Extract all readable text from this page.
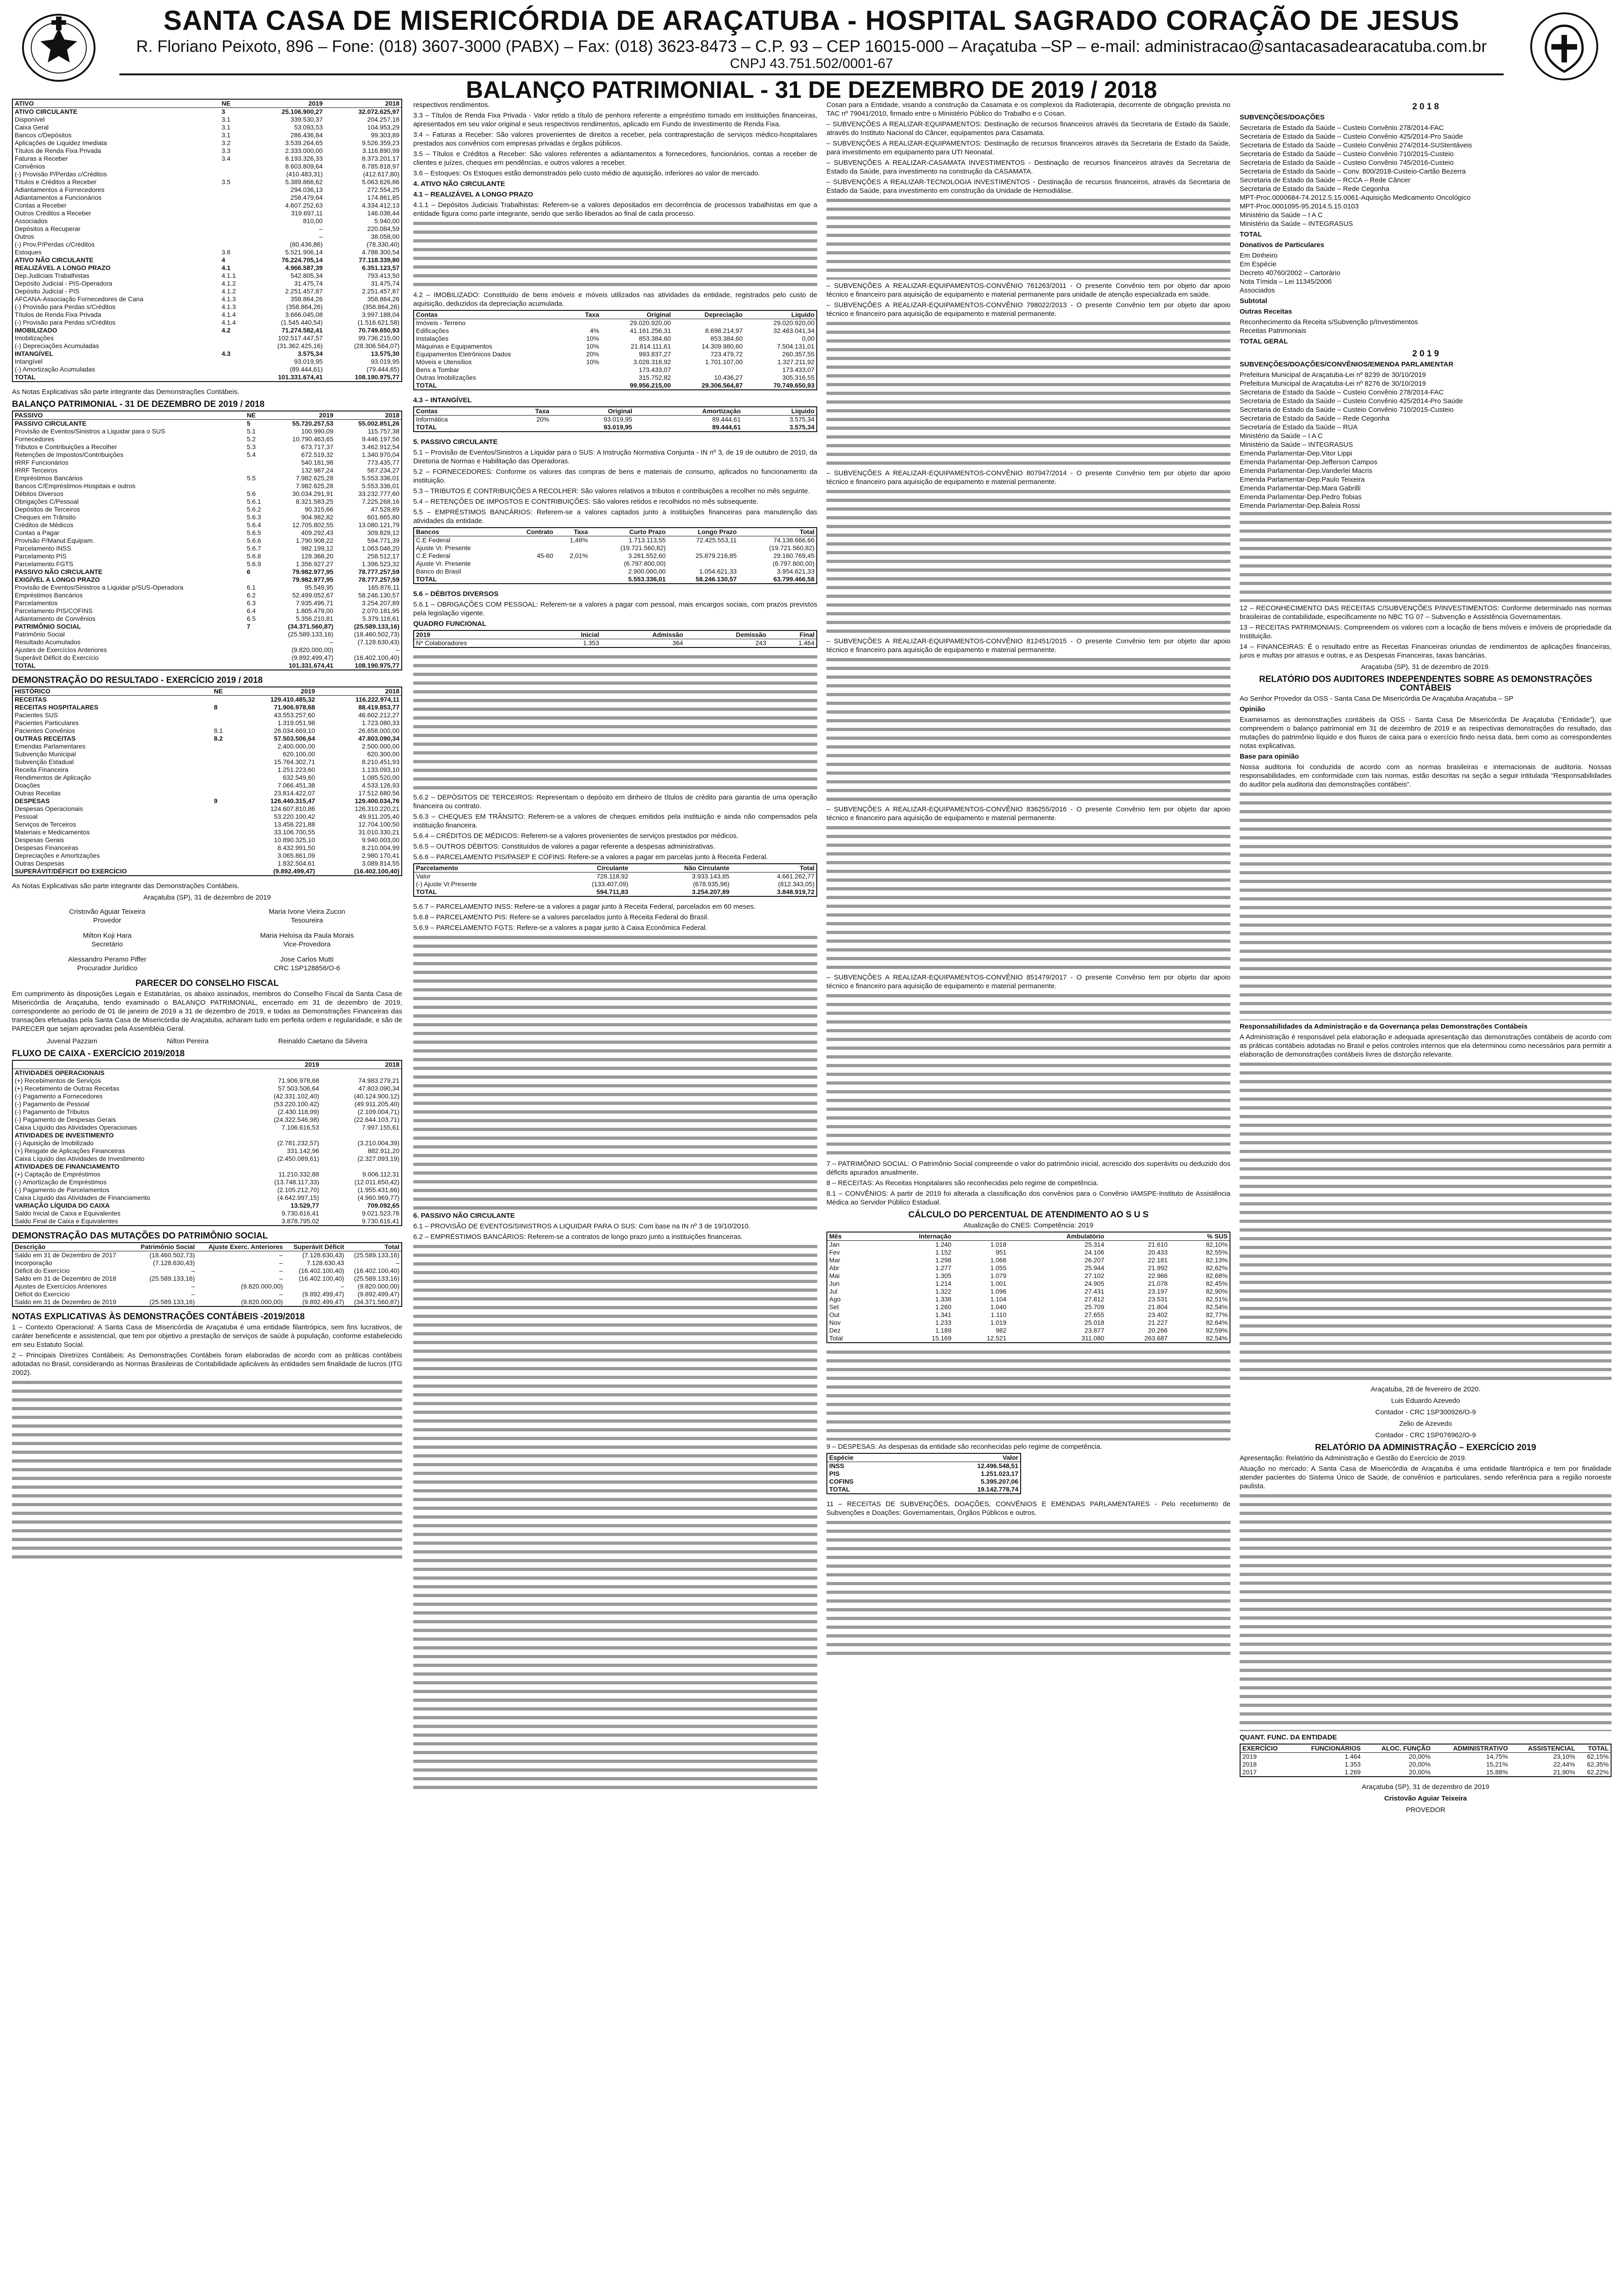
SANTA CASA DE MISERICÓRDIA DE ARAÇATUBA - HOSPITAL SAGRADO CORAÇÃO DE JESUS
R. Floriano Peixoto, 896 – Fone: (018) 3607-3000 (PABX) – Fax: (018) 3623-8473 – C.P. 93 – CEP 16015-000 – Araçatuba –SP – e-mail: administracao@santacasadearacatuba.com.br
CNPJ 43.751.502/0001-67
BALANÇO PATRIMONIAL - 31 DE DEZEMBRO DE 2019 / 2018
ATIVO	NE	2019	2018
ATIVO CIRCULANTE	3	25.106.900,27	32.072.625,97
Disponível	3.1	339.530,37	204.257,18
Caixa Geral	3.1	53.093,53	104.953,29
Bancos c/Depósitos	3.1	286.436,84	99.303,89
Aplicações de Liquidez Imediata	3.2	3.539.264,65	9.526.359,23
Títulos de Renda Fixa Privada	3.3	2.333.000,00	3.116.890,99
Faturas a Receber	3.4	8.193.326,33	8.373.201,17
Convênios		8.603.809,64	8.785.818,97
(-) Provisão P/Perdas c/Créditos		(410.483,31)	(412.617,80)
Títulos e Créditos a Receber	3.5	5.389.866,62	5.063.626,86
Adiantamentos a Fornecedores		294.036,13	272.554,25
Adiantamentos a Funcionários		258.479,64	174.861,85
Contas a Receber		4.607.252,63	4.334.412,13
Outros Créditos a Receber		319.697,11	146.036,44
Associados		810,00	5.940,00
Depósitos a Recuperar		–	220.084,59
Outros		–	38.058,00
(-) Prov.P/Perdas c/Créditos		(80.436,86)	(78.330,40)
Estoques	3.6	5.521.906,14	4.788.300,54
ATIVO NÃO CIRCULANTE	4	76.224.705,14	77.118.339,80
REALIZÁVEL A LONGO PRAZO	4.1	4.966.587,39	6.351.123,57
Dep.Judiciais Trabalhistas	4.1.1	542.805,34	793.413,50
Depósito Judicial - PIS-Operadora	4.1.2	31.475,74	31.475,74
Depósito Judicial - PIS	4.1.2	2.251.457,87	2.251.457,87
AFCANA-Associação Fornecedores de Cana	4.1.3	358.864,26	358.864,26
(-) Provisão para Perdas s/Créditos	4.1.3	(358.864,26)	(358.864,26)
Títulos de Renda Fixa Privada	4.1.4	3.666.045,08	3.997.188,04
(-) Provisão para Perdas s/Créditos	4.1.4	(1.545.440,54)	(1.516.621,58)
IMOBILIZADO	4.2	71.274.582,41	70.749.650,93
Imobilizações		102.517.447,57	99.736.215,00
(-) Depreciações Acumuladas		(31.362.425,16)	(28.306.564,07)
INTANGÍVEL	4.3	3.575,34	13.575,30
Intangível		93.019,95	93.019,95
(-) Amortização Acumuladas		(89.444,61)	(79.444,65)
TOTAL		101.331.674,41	108.190.975,77
As Notas Explicativas são parte integrante das Demonstrações Contábeis.
BALANÇO PATRIMONIAL - 31 DE DEZEMBRO DE 2019 / 2018
PASSIVO	NE	2019	2018
PASSIVO CIRCULANTE	5	55.720.257,53	55.002.851,26
Provisão de Eventos/Sinistros a Liquidar para o SUS	5.1	100.990,09	115.757,38
Fornecedores	5.2	10.790.463,65	9.446.197,56
Tributos e Contribuições a Recolher	5.3	673.717,37	3.462.912,54
Retenções de Impostos/Contribuições	5.4	672.519,32	1.340.970,04
IRRF Funcionários		540.181,98	773.435,77
IRRF Terceiros		132.987,24	567.234,27
Empréstimos Bancários	5.5	7.982.625,28	5.553.336,01
Bancos C/Empréstimos-Hospitais e outros		7.982.625,28	5.553.336,01
Débitos Diversos	5.6	30.034.291,91	33.232.777,60
Obrigações C/Pessoal	5.6.1	8.321.583,25	7.225.268,16
Depósitos de Terceiros	5.6.2	90.315,66	47.528,89
Cheques em Trânsito	5.6.3	904.982,82	601.665,80
Créditos de Médicos	5.6.4	12.705.802,55	13.080.121,79
Contas a Pagar	5.6.5	409.292,43	309.829,12
Provisão P/Manut.Equipam.	5.6.6	1.790.908,22	594.771,39
Parcelamento INSS	5.6.7	982.199,12	1.063.046,20
Parcelamento PIS	5.6.8	128.368,20	258.512,17
Parcelamento FGTS	5.6.9	1.356.927,27	1.396.523,32
PASSIVO NÃO CIRCULANTE	6	79.982.977,95	78.777.257,59
EXIGÍVEL A LONGO PRAZO		79.982.977,95	78.777.257,59
Provisão de Eventos/Sinistros a Liquidar p/SUS-Operadora	6.1	95.549,95	165.876,11
Empréstimos Bancários	6.2	52.499.052,67	58.246.130,57
Parcelamentos	6.3	7.935.496,71	3.254.207,89
Parcelamento PIS/COFINS	6.4	1.805.479,00	2.070.181,95
Adiantamento de Convênios	6.5	5.356.210,81	5.379.116,61
PATRIMÔNIO SOCIAL	7	(34.371.560,87)	(25.589.133,16)
Patrimônio Social		(25.589.133,16)	(18.460.502,73)
Resultado Acumulados		–	(7.128.630,43)
Ajustes de Exercícios Anteriores		(9.820.000,00)	–
Superávit Déficit do Exercício		(9.892.499,47)	(16.402.100,40)
TOTAL		101.331.674,41	108.190.975,77
DEMONSTRAÇÃO DO RESULTADO - EXERCÍCIO 2019 / 2018
HISTÓRICO	NE	2019	2018
RECEITAS		129.410.485,32	116.222.974,11
RECEITAS HOSPITALARES	8	71.906.978,68	88.419.853,77
Pacientes SUS		43.553.257,60	46.602.212,27
Pacientes Particulares		1.319.051,98	1.723.080,33
Pacientes Convênios	8.1	26.034.669,10	26.658.000,00
OUTRAS RECEITAS	8.2	57.503.506,64	47.803.090,34
Emendas Parlamentares		2.400.000,00	2.500.000,00
Subvenção Municipal		620.100,00	620.300,00
Subvenção Estadual		15.764.302,71	8.210.451,93
Receita Financeira		1.251.223,60	1.133.093,10
Rendimentos de Aplicação		632.549,60	1.085.520,00
Doações		7.066.451,38	4.533.126,93
Outras Receitas		23.814.422,07	17.512.680,56
DESPESAS	9	126.440.315,47	129.400.034,76
Despesas Operacionais		124.607.810,86	126.310.220,21
Pessoal		53.220.100,42	49.911.205,40
Serviços de Terceiros		13.456.221,88	12.704.100,50
Materiais e Medicamentos		33.106.700,55	31.010.330,21
Despesas Gerais		10.890.325,10	9.940.003,00
Despesas Financeiras		8.432.991,50	8.210.004,99
Depreciações e Amortizações		3.065.861,09	2.980.170,41
Outras Despesas		1.832.504,61	3.089.814,55
SUPERÁVIT/DÉFICIT DO EXERCÍCIO		(9.892.499,47)	(16.402.100,40)
As Notas Explicativas são parte integrante das Demonstrações Contábeis.
Araçatuba (SP), 31 de dezembro de 2019
Cristovão Aguiar Teixeira
Provedor
Maria Ivone Vieira Zucon
Tesoureira
Milton Koji Hara
Secretário
Maria Heloisa da Paula Morais
Vice-Provedora
Alessandro Peramo Piffer
Procurador Jurídico
Jose Carlos Mutti
CRC 1SP128856/O-6
PARECER DO CONSELHO FISCAL
Em cumprimento às disposições Legais e Estatutárias, os abaixo assinados, membros do Conselho Fiscal da Santa Casa de Misericórdia de Araçatuba, tendo examinado o BALANÇO PATRIMONIAL, encerrado em 31 de dezembro de 2019, correspondente ao período de 01 de janeiro de 2019 a 31 de dezembro de 2019, e todas as Demonstrações Financeiras das transações efetuadas pela Santa Casa de Misericórdia de Araçatuba, acharam tudo em perfeita ordem e regularidade, e são de PARECER que sejam aprovadas pela Assembléia Geral.
Juvenal Pazzam	Nilton Pereira	Reinaldo Caetano da Silveira
FLUXO DE CAIXA - EXERCÍCIO 2019/2018
	2019	2018
ATIVIDADES OPERACIONAIS		
(+) Recebimentos de Serviços	71.906.978,68	74.983.279,21
(+) Recebimento de Outras Receitas	57.503.506,64	47.803.090,34
(-) Pagamento a Fornecedores	(42.331.102,40)	(40.124.900,12)
(-) Pagamento de Pessoal	(53.220.100,42)	(49.911.205,40)
(-) Pagamento de Tributos	(2.430.118,99)	(2.109.004,71)
(-) Pagamento de Despesas Gerais	(24.322.546,98)	(22.644.103,71)
Caixa Líquido das Atividades Operacionais	7.106.616,53	7.997.155,61
ATIVIDADES DE INVESTIMENTO		
(-) Aquisição de Imobilizado	(2.781.232,57)	(3.210.004,39)
(+) Resgate de Aplicações Financeiras	331.142,96	882.911,20
Caixa Líquido das Atividades de Investimento	(2.450.089,61)	(2.327.093,19)
ATIVIDADES DE FINANCIAMENTO		
(+) Captação de Empréstimos	11.210.332,88	9.006.112,31
(-) Amortização de Empréstimos	(13.748.117,33)	(12.011.650,42)
(-) Pagamento de Parcelamentos	(2.105.212,70)	(1.955.431,66)
Caixa Líquido das Atividades de Financiamento	(4.642.997,15)	(4.960.969,77)
VARIAÇÃO LÍQUIDA DO CAIXA	13.529,77	709.092,65
Saldo Inicial de Caixa e Equivalentes	9.730.616,41	9.021.523,76
Saldo Final de Caixa e Equivalentes	3.878.795,02	9.730.616,41
DEMONSTRAÇÃO DAS MUTAÇÕES DO PATRIMÔNIO SOCIAL
Descrição	Patrimônio Social	Ajuste Exerc. Anteriores	Superávit Déficit	Total
Saldo em 31 de Dezembro de 2017	(18.460.502,73)	–	(7.128.630,43)	(25.589.133,16)
Incorporação	(7.128.630,43)	–	7.128.630,43	–
Déficit do Exercício	–	–	(16.402.100,40)	(16.402.100,40)
Saldo em 31 de Dezembro de 2018	(25.589.133,16)	–	(16.402.100,40)	(25.589.133,16)
Ajustes de Exercícios Anteriores	–	(9.820.000,00)	–	(9.820.000,00)
Déficit do Exercício	–	–	(9.892.499,47)	(9.892.499,47)
Saldo em 31 de Dezembro de 2019	(25.589.133,16)	(9.820.000,00)	(9.892.499,47)	(34.371.560,87)
NOTAS EXPLICATIVAS ÀS DEMONSTRAÇÕES CONTÁBEIS -2019/2018
1 – Contexto Operacional: A Santa Casa de Misericórdia de Araçatuba é uma entidade filantrópica, sem fins lucrativos, de caráter beneficente e assistencial, que tem por objetivo a prestação de serviços de saúde à população, conforme estabelecido em seu Estatuto Social.
2 – Principais Diretrizes Contábeis: As Demonstrações Contábeis foram elaboradas de acordo com as práticas contábeis adotadas no Brasil, considerando as Normas Brasileiras de Contabilidade aplicáveis às entidades sem finalidade de lucros (ITG 2002).
respectivos rendimentos.
3.3 – Títulos de Renda Fixa Privada - Valor retido a título de penhora referente a empréstimo tomado em instituições financeiras, apresentados em seu valor original e seus respectivos rendimentos, aplicado em Fundo de Investimento de Renda Fixa.
3.4 – Faturas a Receber: São valores provenientes de direitos a receber, pela contraprestação de serviços médico-hospitalares prestados aos convênios com empresas privadas e órgãos públicos.
3.5 – Títulos e Créditos a Receber: São valores referentes a adiantamentos a fornecedores, funcionários, contas a receber de clientes e juízes, cheques em pendências, e outros valores a receber.
3.6 – Estoques: Os Estoques estão demonstrados pelo custo médio de aquisição, inferiores ao valor de mercado.
4. ATIVO NÃO CIRCULANTE
4.1 – REALIZÁVEL A LONGO PRAZO
4.1.1 – Depósitos Judiciais Trabalhistas: Referem-se a valores depositados em decorrência de processos trabalhistas em que a entidade figura como parte integrante, sendo que serão liberados ao final de cada processo.
4.2 – IMOBILIZADO: Constituído de bens imóveis e móveis utilizados nas atividades da entidade, registrados pelo custo de aquisição, deduzidos da depreciação acumulada.
Contas	Taxa	Original	Depreciação	Líquido
Imóveis - Terreno		29.020.920,00		29.020.920,00
Edificações	4%	41.161.256,31	8.698.214,97	32.463.041,34
Instalações	10%	853.384,60	853.384,60	0,00
Máquinas e Equipamentos	10%	21.814.111,61	14.309.980,60	7.504.131,01
Equipamentos Eletrônicos Dados	20%	993.837,27	723.479,72	260.357,55
Móveis e Utensílios	10%	3.028.318,92	1.701.107,00	1.327.211,92
Bens a Tombar		173.433,07		173.433,07
Outras Imobilizações		315.752,82	10.436,27	305.316,55
TOTAL		99.956.215,00	29.306.564,87	70.749.650,93
4.3 – INTANGÍVEL
Contas	Taxa	Original	Amortização	Líquido
Informática	20%	93.019,95	89.444,61	3.575,34
TOTAL		93.019,95	89.444,61	3.575,34
5. PASSIVO CIRCULANTE
5.1 – Provisão de Eventos/Sinistros a Liquidar para o SUS: A Instrução Normativa Conjunta - IN nº 3, de 19 de outubro de 2010, da Diretoria de Normas e Habilitação das Operadoras.
5.2 – FORNECEDORES: Conforme os valores das compras de bens e materiais de consumo, aplicados no funcionamento da instituição.
5.3 – TRIBUTOS E CONTRIBUIÇÕES A RECOLHER: São valores relativos a tributos e contribuições a recolher no mês seguinte.
5.4 – RETENÇÕES DE IMPOSTOS E CONTRIBUIÇÕES: São valores retidos e recolhidos no mês subsequente.
5.5 – EMPRÉSTIMOS BANCÁRIOS: Referem-se a valores captados junto a instituições financeiras para manutenção das atividades da entidade.
Bancos	Contrato	Taxa	Curto Prazo	Longo Prazo	Total
C.E Federal		1,48%	1.713.113,55	72.425.553,11	74.138.666,66
Ajuste Vr. Presente			(19.721.560,82)		(19.721.560,82)
C.E Federal	45-60	2,01%	3.281.552,60	25.879.216,85	29.160.769,45
Ajuste Vr. Presente			(6.797.800,00)		(6.797.800,00)
Banco do Brasil			2.900.000,00	1.054.621,33	3.954.621,33
TOTAL			5.553.336,01	58.246.130,57	63.799.466,58
5.6 – DÉBITOS DIVERSOS
5.6.1 – OBRIGAÇÕES COM PESSOAL: Referem-se a valores a pagar com pessoal, mais encargos sociais, com prazos previstos pela legislação vigente.
QUADRO FUNCIONAL
2019	Inicial	Admissão	Demissão	Final
Nº Colaboradores	1.353	364	243	1.464
5.6.2 – DEPÓSITOS DE TERCEIROS: Representam o depósito em dinheiro de títulos de crédito para garantia de uma operação financeira ou contrato.
5.6.3 – CHEQUES EM TRÂNSITO: Referem-se a valores de cheques emitidos pela instituição e ainda não compensados pela instituição financeira.
5.6.4 – CRÉDITOS DE MÉDICOS: Referem-se a valores provenientes de serviços prestados por médicos.
5.6.5 – OUTROS DÉBITOS: Constituídos de valores a pagar referente a despesas administrativas.
5.6.6 – PARCELAMENTO PIS/PASEP E COFINS: Refere-se a valores a pagar em parcelas junto à Receita Federal.
Parcelamento	Circulante	Não Circulante	Total
Valor	728.118,92	3.933.143,85	4.661.262,77
(-) Ajuste Vr.Presente	(133.407,09)	(678.935,96)	(812.343,05)
TOTAL	594.711,83	3.254.207,89	3.848.919,72
5.6.7 – PARCELAMENTO INSS: Refere-se a valores a pagar junto à Receita Federal, parcelados em 60 meses.
5.6.8 – PARCELAMENTO PIS: Refere-se a valores parcelados junto à Receita Federal do Brasil.
5.6.9 – PARCELAMENTO FGTS: Refere-se a valores a pagar junto à Caixa Econômica Federal.
6. PASSIVO NÃO CIRCULANTE
6.1 – PROVISÃO DE EVENTOS/SINISTROS A LIQUIDAR PARA O SUS: Com base na IN nº 3 de 19/10/2010.
6.2 – EMPRÉSTIMOS BANCÁRIOS: Referem-se a contratos de longo prazo junto a instituições financeiras.
Cosan para a Entidade, visando a construção da Casamata e os complexos da Radioterapia, decorrente de obrigação prevista no TAC nº 79041/2010, firmado entre o Ministério Público do Trabalho e o Cosan.
– SUBVENÇÕES A REALIZAR-EQUIPAMENTOS: Destinação de recursos financeiros através da Secretaria de Estado da Saúde, através do Instituto Nacional do Câncer, equipamentos para Casamata.
– SUBVENÇÕES A REALIZAR-EQUIPAMENTOS: Destinação de recursos financeiros através da Secretaria de Estado da Saúde, para investimento em equipamento para UTI Neonatal.
– SUBVENÇÕES A REALIZAR-CASAMATA INVESTIMENTOS - Destinação de recursos financeiros através da Secretaria de Estado da Saúde, para investimento na construção da CASAMATA.
– SUBVENÇÕES A REALIZAR-TECNOLOGIA INVESTIMENTOS - Destinação de recursos financeiros, através da Secretaria de Estado da Saúde, para investimento em construção da Unidade de Hemodiálise.
– SUBVENÇÕES A REALIZAR-EQUIPAMENTOS-CONVÊNIO 761263/2011 - O presente Convênio tem por objeto dar apoio técnico e financeiro para aquisição de equipamento e material permanente para unidade de atenção especializada em saúde.
– SUBVENÇÕES A REALIZAR-EQUIPAMENTOS-CONVÊNIO 798022/2013 - O presente Convênio tem por objeto dar apoio técnico e financeiro para aquisição de equipamento e material permanente.
– SUBVENÇÕES A REALIZAR-EQUIPAMENTOS-CONVÊNIO 807947/2014 - O presente Convênio tem por objeto dar apoio técnico e financeiro para aquisição de equipamento e material permanente.
– SUBVENÇÕES A REALIZAR-EQUIPAMENTOS-CONVÊNIO 812451/2015 - O presente Convênio tem por objeto dar apoio técnico e financeiro para aquisição de equipamento e material permanente.
– SUBVENÇÕES A REALIZAR-EQUIPAMENTOS-CONVÊNIO 836255/2016 - O presente Convênio tem por objeto dar apoio técnico e financeiro para aquisição de equipamento e material permanente.
– SUBVENÇÕES A REALIZAR-EQUIPAMENTOS-CONVÊNIO 851479/2017 - O presente Convênio tem por objeto dar apoio técnico e financeiro para aquisição de equipamento e material permanente.
7 – PATRIMÔNIO SOCIAL: O Patrimônio Social compreende o valor do patrimônio inicial, acrescido dos superávits ou deduzido dos déficits apurados anualmente.
8 – RECEITAS: As Receitas Hospitalares são reconhecidas pelo regime de competência.
8.1 – CONVÊNIOS: A partir de 2019 foi alterada a classificação dos convênios para o Convênio IAMSPE-Instituto de Assistência Médica ao Servidor Público Estadual.
CÁLCULO DO PERCENTUAL DE ATENDIMENTO AO S U S
Atualização do CNES: Competência: 2019
Mês	Internação		Ambulatório		% SUS
Jan	1.240	1.018	25.314	21.610	82,10%
Fev	1.152	951	24.106	20.433	82,55%
Mar	1.298	1.066	26.207	22.181	82,13%
Abr	1.277	1.055	25.944	21.992	82,62%
Mai	1.305	1.079	27.102	22.966	82,68%
Jun	1.214	1.001	24.905	21.078	82,45%
Jul	1.322	1.096	27.431	23.197	82,90%
Ago	1.338	1.104	27.812	23.531	82,51%
Set	1.260	1.040	25.709	21.804	82,54%
Out	1.341	1.110	27.655	23.402	82,77%
Nov	1.233	1.019	25.018	21.227	82,64%
Dez	1.189	982	23.877	20.266	82,59%
Total	15.169	12.521	311.080	263.687	82,54%
9 – DESPESAS: As despesas da entidade são reconhecidas pelo regime de competência.
Espécie	Valor
INSS	12.496.548,51
PIS	1.251.023,17
COFINS	5.395.207,06
TOTAL	19.142.778,74
11 – RECEITAS DE SUBVENÇÕES, DOAÇÕES, CONVÊNIOS E EMENDAS PARLAMENTARES - Pelo recebimento de Subvenções e Doações: Governamentais, Órgãos Públicos e outros.
2 0 1 8
SUBVENÇÕES/DOAÇÕES
Secretaria de Estado da Saúde – Custeio Convênio 278/2014-FAC
Secretaria de Estado da Saúde – Custeio Convênio 425/2014-Pro Saúde
Secretaria de Estado da Saúde – Custeio Convênio 274/2014-SUStentáveis
Secretaria de Estado da Saúde – Custeio Convênio 710/2015-Custeio
Secretaria de Estado da Saúde – Custeio Convênio 745/2016-Custeio
Secretaria de Estado da Saúde – Conv. 800/2018-Custeio-Cartão Bezerra
Secretaria de Estado da Saúde – RCCA – Rede Câncer
Secretaria de Estado da Saúde – Rede Cegonha
MPT-Proc.0000684-74.2012.5.15.0061-Aquisição Medicamento Oncológico
MPT-Proc.0001095-95.2014.5.15.0103
Ministério da Saúde – I A C
Ministério da Saúde – INTEGRASUS
TOTAL
Donativos de Particulares
Em Dinheiro
Em Espécie
Decreto 40760/2002 – Cartorário
Nota Tímida – Lei 11345/2006
Associados
Subtotal
Outras Receitas
Reconhecimento da Receita s/Subvenção p/Investimentos
Receitas Patrimoniais
TOTAL GERAL
2 0 1 9
SUBVENÇÕES/DOAÇÕES/CONVÊNIOS/EMENDA PARLAMENTAR
Prefeitura Municipal de Araçatuba-Lei nº 8239 de 30/10/2019
Prefeitura Municipal de Araçatuba-Lei nº 8276 de 30/10/2019
Secretaria de Estado da Saúde – Custeio Convênio 278/2014-FAC
Secretaria de Estado da Saúde – Custeio Convênio 425/2014-Pro Saúde
Secretaria de Estado da Saúde – Custeio Convênio 710/2015-Custeio
Secretaria de Estado da Saúde – Rede Cegonha
Secretaria de Estado da Saúde – RUA
Ministério da Saúde – I A C
Ministério da Saúde – INTEGRASUS
Emenda Parlamentar-Dep.Vitor Lippi
Emenda Parlamentar-Dep.Jefferson Campos
Emenda Parlamentar-Dep.Vanderlei Macris
Emenda Parlamentar-Dep.Paulo Teixeira
Emenda Parlamentar-Dep.Mara Gabrilli
Emenda Parlamentar-Dep.Pedro Tobias
Emenda Parlamentar-Dep.Baleia Rossi
12 – RECONHECIMENTO DAS RECEITAS C/SUBVENÇÕES P/INVESTIMENTOS: Conforme determinado nas normas brasileiras de contabilidade, especificamente no NBC TG 07 – Subvenção e Assistência Governamentais.
13 – RECEITAS PATRIMONIAIS: Compreendem os valores com a locação de bens móveis e imóveis de propriedade da Instituição.
14 – FINANCEIRAS: É o resultado entre as Receitas Financeiras oriundas de rendimentos de aplicações financeiras, juros e multas por atrasos e outras, e as Despesas Financeiras, taxas bancárias.
Araçatuba (SP), 31 de dezembro de 2019.
RELATÓRIO DOS AUDITORES INDEPENDENTES SOBRE AS DEMONSTRAÇÕES CONTÁBEIS
Ao Senhor Provedor da OSS - Santa Casa De Misericórdia De Araçatuba Araçatuba – SP
Opinião
Examinamos as demonstrações contábeis da OSS - Santa Casa De Misericórdia De Araçatuba (“Entidade”), que compreendem o balanço patrimonial em 31 de dezembro de 2019 e as respectivas demonstrações do resultado, das mutações do patrimônio líquido e dos fluxos de caixa para o exercício findo nessa data, bem como as correspondentes notas explicativas.
Base para opinião
Nossa auditoria foi conduzida de acordo com as normas brasileiras e internacionais de auditoria. Nossas responsabilidades, em conformidade com tais normas, estão descritas na seção a seguir intitulada “Responsabilidades do auditor pela auditoria das demonstrações contábeis”.
Responsabilidades da Administração e da Governança pelas Demonstrações Contábeis
A Administração é responsável pela elaboração e adequada apresentação das demonstrações contábeis de acordo com as práticas contábeis adotadas no Brasil e pelos controles internos que ela determinou como necessários para permitir a elaboração de demonstrações contábeis livres de distorção relevante.
Araçatuba, 28 de fevereiro de 2020.
Luis Eduardo Azevedo
Contador - CRC 1SP300926/O-9
Zelio de Azevedo
Contador - CRC 1SP076962/O-9
RELATÓRIO DA ADMINISTRAÇÃO – EXERCÍCIO 2019
Apresentação: Relatório da Administração e Gestão do Exercício de 2019.
Atuação no mercado: A Santa Casa de Misericórdia de Araçatuba é uma entidade filantrópica e tem por finalidade atender pacientes do Sistema Único de Saúde, de convênios e particulares, sendo referência para a região noroeste paulista.
QUANT. FUNC. DA ENTIDADE
EXERCÍCIO	FUNCIONÁRIOS	ALOC. FUNÇÃO	ADMINISTRATIVO	ASSISTENCIAL	TOTAL
2019	1.464	20,00%	14,75%	23,10%	62,15%
2018	1.353	20,00%	15,21%	22,44%	62,35%
2017	1.269	20,00%	15,88%	21,90%	62,22%
Araçatuba (SP), 31 de dezembro de 2019
Cristovão Aguiar Teixeira
PROVEDOR
